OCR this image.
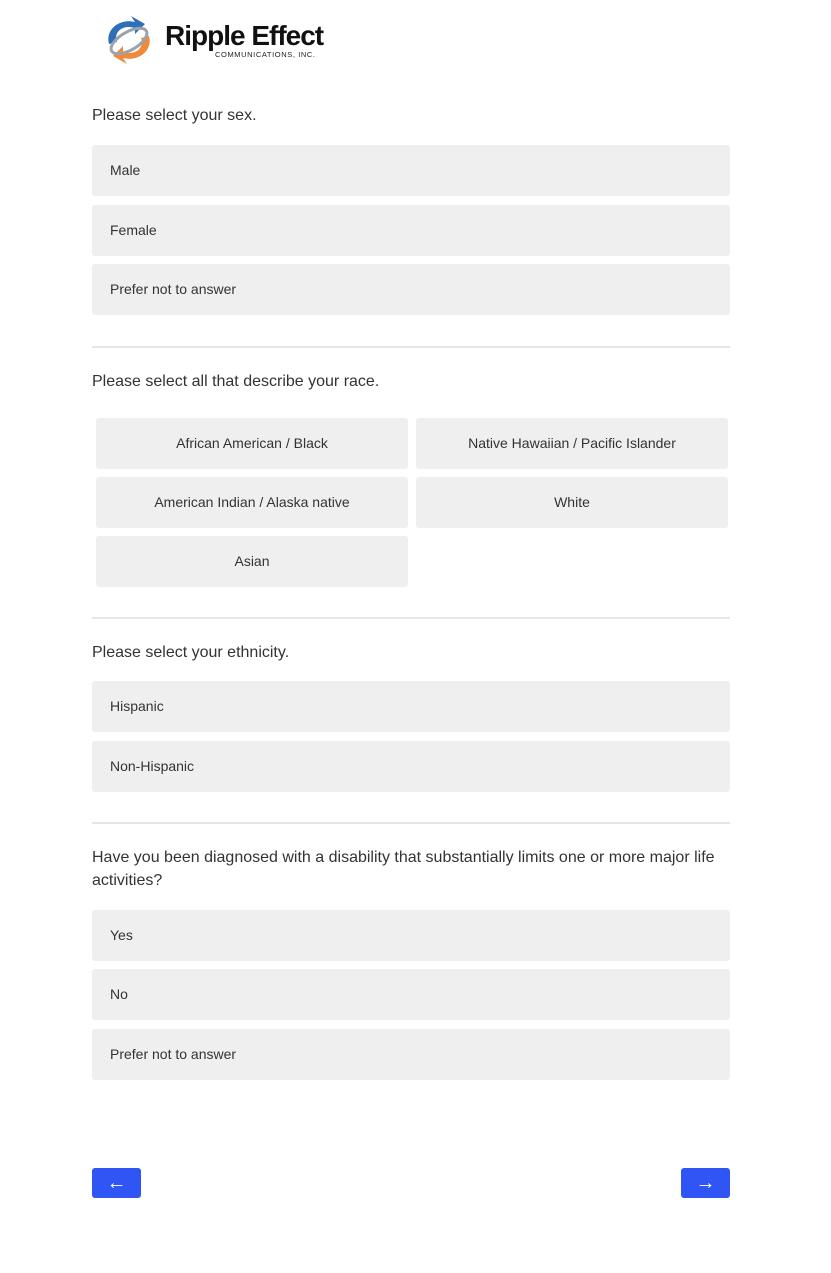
Ripple Effect
COMMUNICATIONS, INC.
Please select your sex.
Male
Female
Prefer not to answer
Please select all that describe your race.
African American / Black	Native Hawaiian / Pacific Islander
American Indian / Alaska native	White
Asian
Please select your ethnicity.
Hispanic
Non-Hispanic
Have you been diagnosed with a disability that substantially limits one or more major life activities?
Yes
No
Prefer not to answer
←	→
